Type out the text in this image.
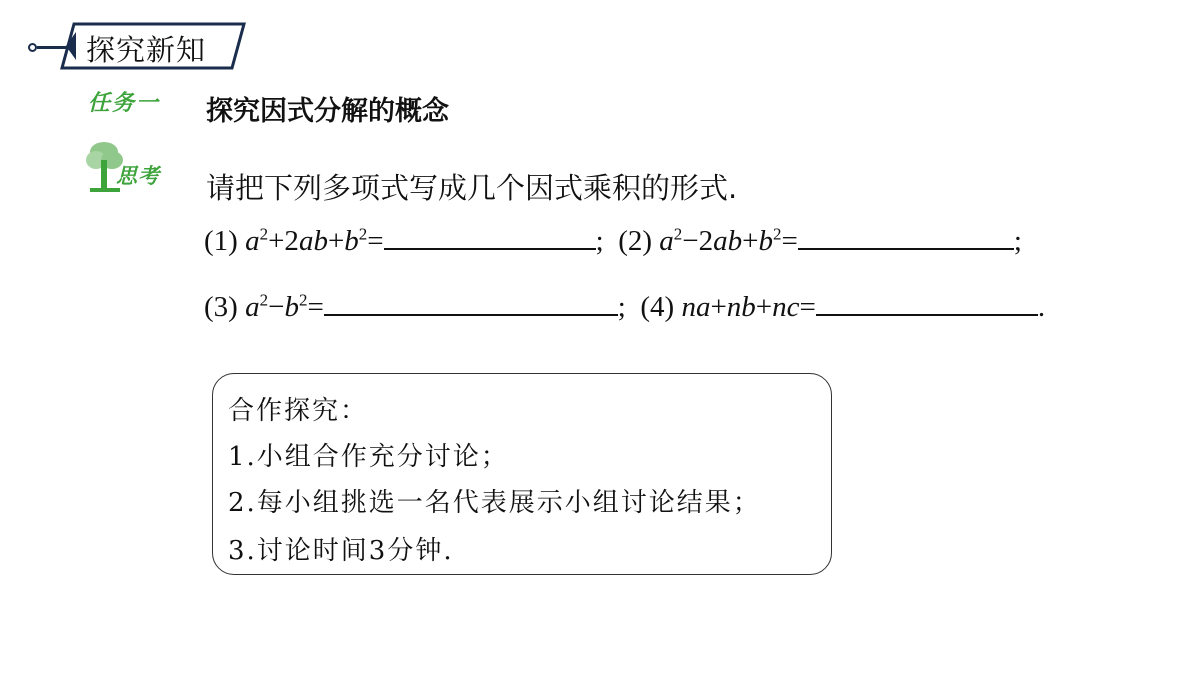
探究新知
任务一 探究因式分解的概念
思考 请把下列多项式写成几个因式乘积的形式.
(1) $a^2+2ab+b^2=$	; (2) $a^2-2ab+b^2=$	;
(3) $a^2-b^2=$	; (4) na+nb+nc=	.
合作探究：
1.小组合作充分讨论；
2.每小组挑选一名代表展示小组讨论结果；
3.讨论时间3分钟.
